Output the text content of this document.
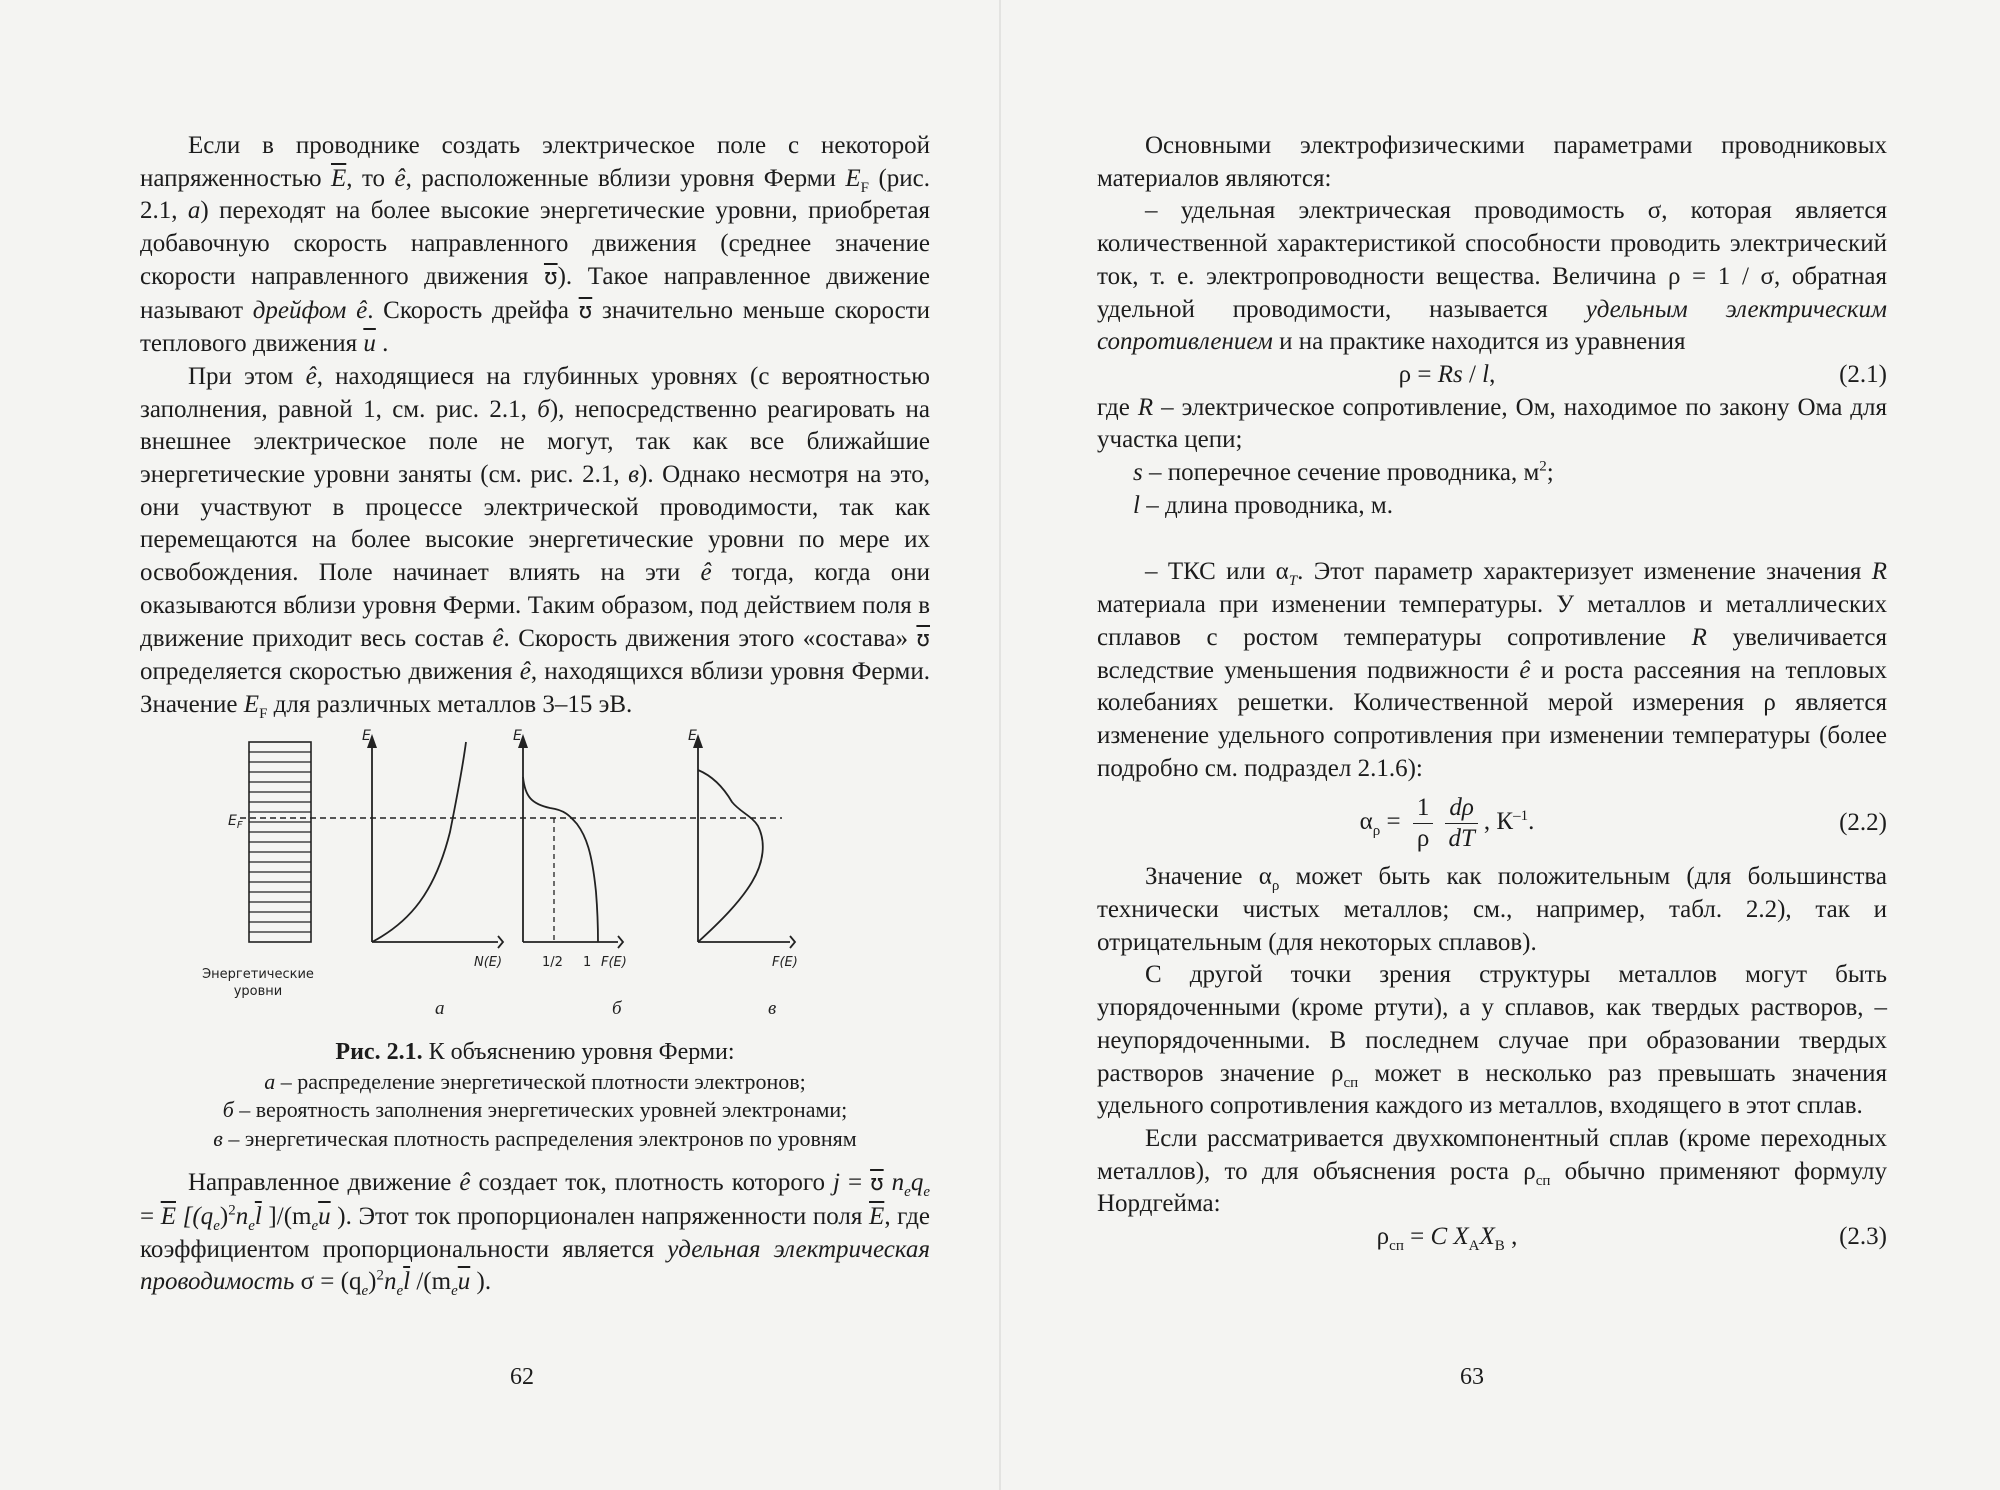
Если в проводнике создать электрическое поле с некоторой напряженностью $\overline{E}$, то ê, расположенные вблизи уровня Ферми $E_F$ (рис. 2.1, а) переходят на более высокие энергетические уровни, приобретая добавочную скорость направленного движения (среднее значение скорости направленного движения $\overline{ʊ}$). Такое направленное движение называют дрейфом ê. Скорость дрейфа $\overline{ʊ}$ значительно меньше скорости теплового движения $\overline{u}$ .

При этом ê, находящиеся на глубинных уровнях (с вероятностью заполнения, равной 1, см. рис. 2.1, б), непосредственно реагировать на внешнее электрическое поле не могут, так как все ближайшие энергетические уровни заняты (см. рис. 2.1, в). Однако несмотря на это, они участвуют в процессе электрической проводимости, так как перемещаются на более высокие энергетические уровни по мере их освобождения. Поле начинает влиять на эти ê тогда, когда они оказываются вблизи уровня Ферми. Таким образом, под действием поля в движение приходит весь состав ê. Скорость движения этого «состава» $\overline{ʊ}$ определяется скоростью движения ê, находящихся вблизи уровня Ферми. Значение $E_F$ для различных металлов 3–15 эВ.

$E_F$
Энергетические уровни
E
N(E)
а
E
1/2 1 F(E)
б
E
F(E)
в
Рис. 2.1. К объяснению уровня Ферми:
а – распределение энергетической плотности электронов;
б – вероятность заполнения энергетических уровней электронами;
в – энергетическая плотность распределения электронов по уровням

Направленное движение ê создает ток, плотность которого $j = \overline{ʊ}$ $n_eq_e = \overline{E}$ [$(q_e)^2n_e\overline{l}$ ]$/(m_e\overline{u}$ ). Этот ток пропорционален напряженности поля $\overline{E}$, где коэффициентом пропорциональности является удельная электрическая проводимость $\sigma = (q_e)^2n_e\overline{l}$ $/(m_e\overline{u}$ ).

62

Основными электрофизическими параметрами проводниковых материалов являются:

– удельная электрическая проводимость σ, которая является количественной характеристикой способности проводить электрический ток, т. е. электропроводности вещества. Величина ρ = 1 / σ, обратная удельной проводимости, называется удельным электрическим сопротивлением и на практике находится из уравнения

ρ = Rs / l,	(2.1)

где R – электрическое сопротивление, Ом, находимое по закону Ома для участка цепи;

s – поперечное сечение проводника, $м^2$;

l – длина проводника, м.

– ТКС или $\alpha_T$. Этот параметр характеризует изменение значения R материала при изменении температуры. У металлов и металлических сплавов с ростом температуры сопротивление R увеличивается вследствие уменьшения подвижности ê и роста рассеяния на тепловых колебаниях решетки. Количественной мерой измерения ρ является изменение удельного сопротивления при изменении температуры (более подробно см. подраздел 2.1.6):

$\alpha_\rho = \frac{1}{\rho} \frac{d\rho}{dT}$ , $К^{-1}$.	(2.2)

Значение $\alpha_\rho$ может быть как положительным (для большинства технически чистых металлов; см., например, табл. 2.2), так и отрицательным (для некоторых сплавов).

С другой точки зрения структуры металлов могут быть упорядоченными (кроме ртути), а у сплавов, как твердых растворов, – неупорядоченными. В последнем случае при образовании твердых растворов значение $\rho_{сп}$ может в несколько раз превышать значения удельного сопротивления каждого из металлов, входящего в этот сплав.

Если рассматривается двухкомпонентный сплав (кроме переходных металлов), то для объяснения роста $\rho_{сп}$ обычно применяют формулу Нордгейма:

$\rho_{сп} = C$ $X_AX_B$ ,	(2.3)
63
